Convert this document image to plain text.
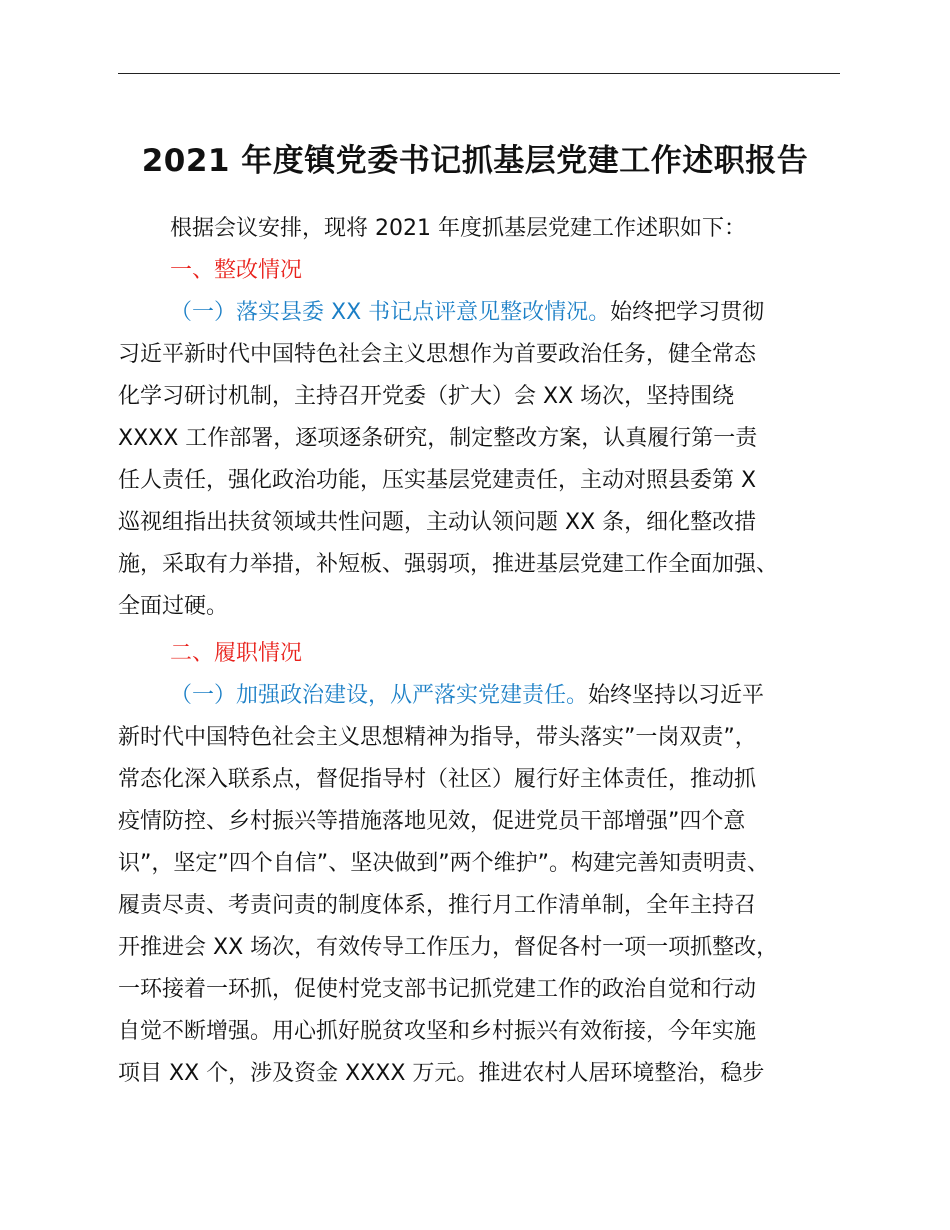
2021 年度镇党委书记抓基层党建工作述职报告
根据会议安排，现将 2021 年度抓基层党建工作述职如下：
一、整改情况
（一）落实县委 XX 书记点评意见整改情况。始终把学习贯彻
习近平新时代中国特色社会主义思想作为首要政治任务，健全常态
化学习研讨机制，主持召开党委（扩大）会 XX 场次，坚持围绕
XXXX 工作部署，逐项逐条研究，制定整改方案，认真履行第一责
任人责任，强化政治功能，压实基层党建责任，主动对照县委第 X
巡视组指出扶贫领域共性问题，主动认领问题 XX 条，细化整改措
施，采取有力举措，补短板、强弱项，推进基层党建工作全面加强、
全面过硬。
二、履职情况
（一）加强政治建设，从严落实党建责任。始终坚持以习近平
新时代中国特色社会主义思想精神为指导，带头落实”一岗双责”，
常态化深入联系点，督促指导村（社区）履行好主体责任，推动抓
疫情防控、乡村振兴等措施落地见效，促进党员干部增强”四个意
识”，坚定”四个自信”、坚决做到”两个维护”。构建完善知责明责、
履责尽责、考责问责的制度体系，推行月工作清单制，全年主持召
开推进会 XX 场次，有效传导工作压力，督促各村一项一项抓整改，
一环接着一环抓，促使村党支部书记抓党建工作的政治自觉和行动
自觉不断增强。用心抓好脱贫攻坚和乡村振兴有效衔接，今年实施
项目 XX 个，涉及资金 XXXX 万元。推进农村人居环境整治，稳步
